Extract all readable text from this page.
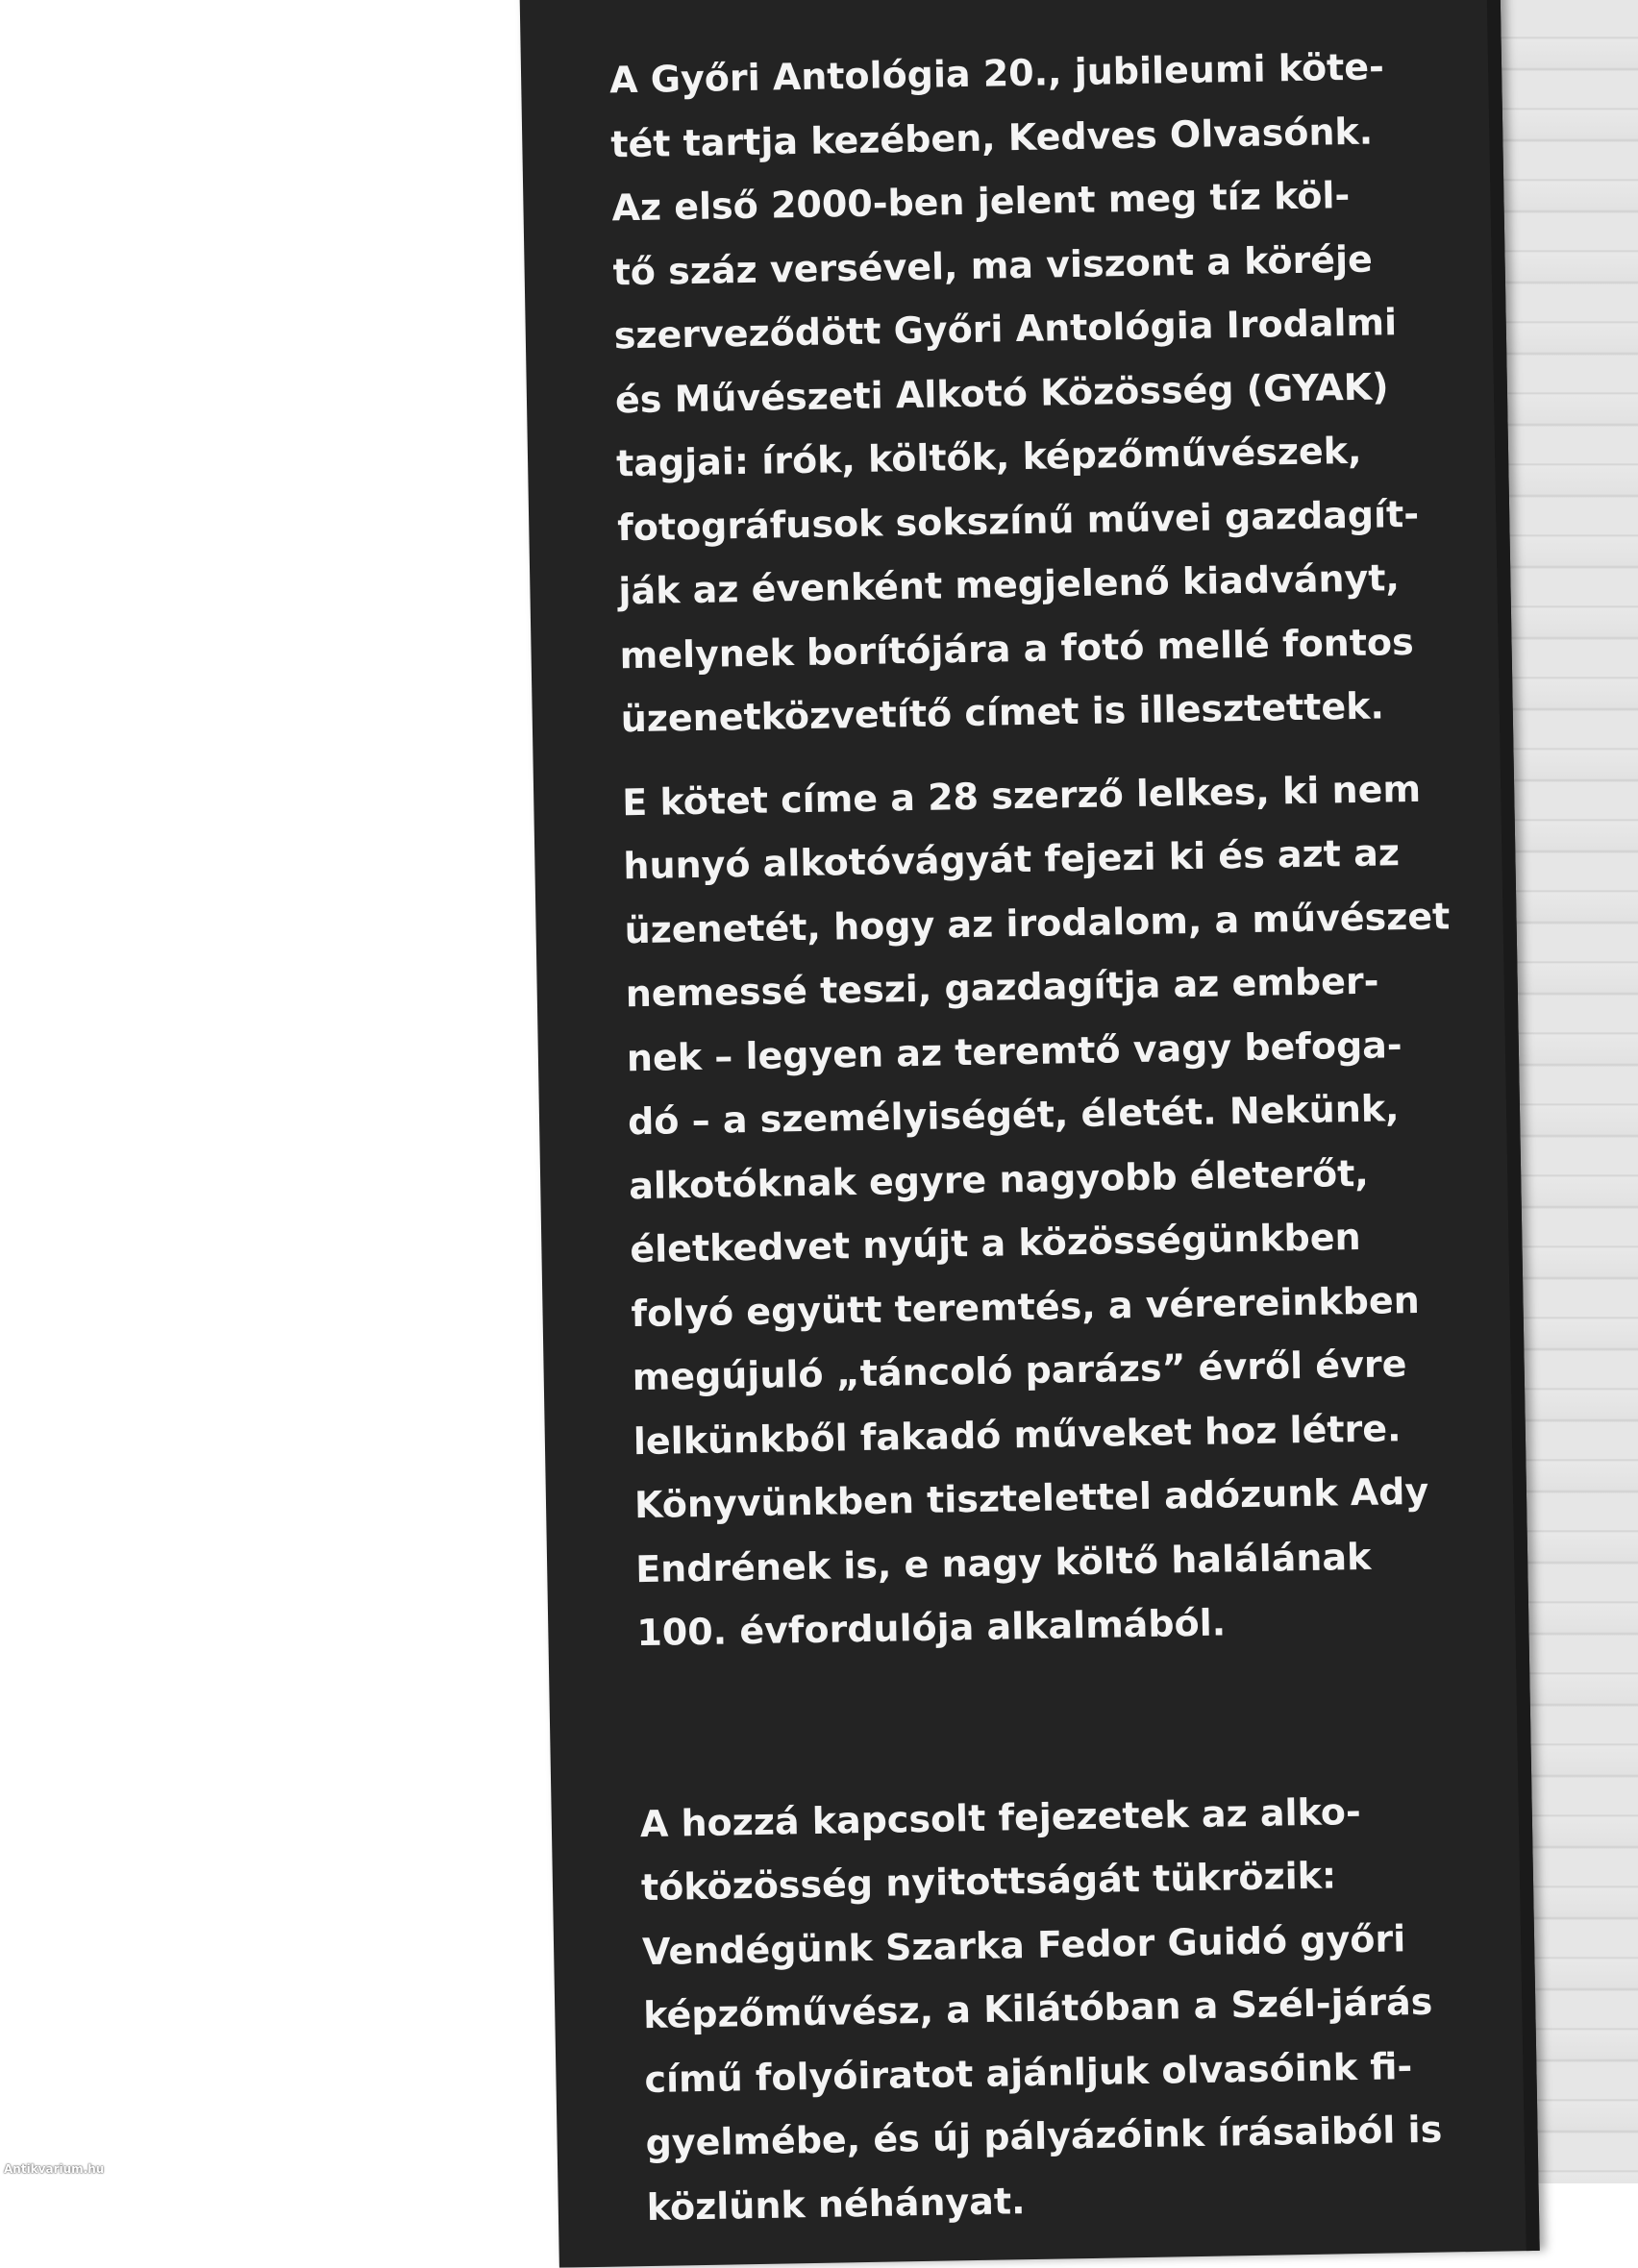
A Győri Antológia 20., jubileumi köte-
tét tartja kezében, Kedves Olvasónk.
Az első 2000-ben jelent meg tíz köl-
tő száz versével, ma viszont a köréje
szerveződött Győri Antológia Irodalmi
és Művészeti Alkotó Közösség (GYAK)
tagjai: írók, költők, képzőművészek,
fotográfusok sokszínű művei gazdagít-
ják az évenként megjelenő kiadványt,
melynek borítójára a fotó mellé fontos
üzenetközvetítő címet is illesztettek.

E kötet címe a 28 szerző lelkes, ki nem
hunyó alkotóvágyát fejezi ki és azt az
üzenetét, hogy az irodalom, a művészet
nemessé teszi, gazdagítja az ember-
nek – legyen az teremtő vagy befoga-
dó – a személyiségét, életét. Nekünk,
alkotóknak egyre nagyobb életerőt,
életkedvet nyújt a közösségünkben
folyó együtt teremtés, a vérereinkben
megújuló „táncoló parázs” évről évre
lelkünkből fakadó műveket hoz létre.
Könyvünkben tisztelettel adózunk Ady
Endrének is, e nagy költő halálának
100. évfordulója alkalmából.

A hozzá kapcsolt fejezetek az alko-
tóközösség nyitottságát tükrözik:
Vendégünk Szarka Fedor Guidó győri
képzőművész, a Kilátóban a Szél-járás
című folyóiratot ajánljuk olvasóink fi-
gyelmébe, és új pályázóink írásaiból is
közlünk néhányat.

Antikvarium.hu
